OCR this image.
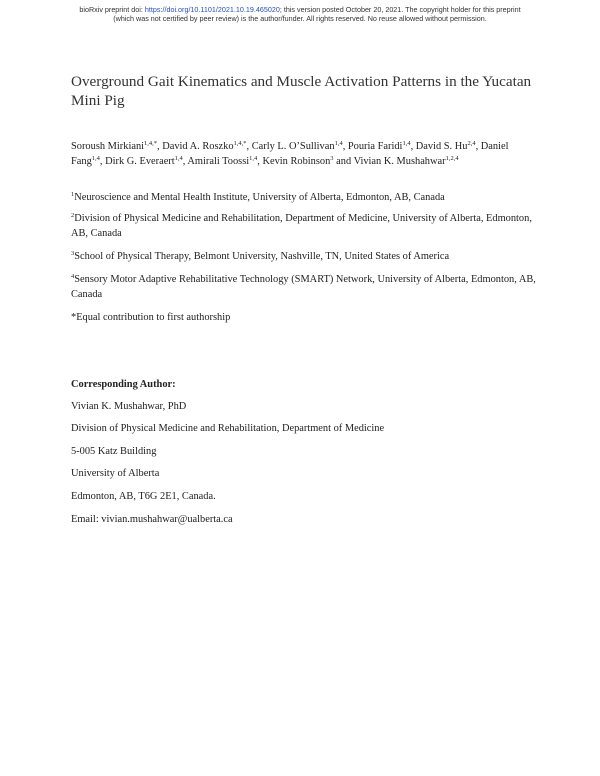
bioRxiv preprint doi: https://doi.org/10.1101/2021.10.19.465020; this version posted October 20, 2021. The copyright holder for this preprint
(which was not certified by peer review) is the author/funder. All rights reserved. No reuse allowed without permission.
Overground Gait Kinematics and Muscle Activation Patterns in the Yucatan Mini Pig
Soroush Mirkiani$^{1,4,*}$, David A. Roszko$^{1,4,*}$, Carly L. O’Sullivan$^{1,4}$, Pouria Faridi$^{1,4}$, David S. Hu$^{2,4}$, Daniel Fang$^{1,4}$, Dirk G. Everaert$^{1,4}$, Amirali Toossi$^{1,4}$, Kevin Robinson$^3$ and Vivian K. Mushahwar$^{1,2,4}$
$^1$Neuroscience and Mental Health Institute, University of Alberta, Edmonton, AB, Canada
$^2$Division of Physical Medicine and Rehabilitation, Department of Medicine, University of Alberta, Edmonton, AB, Canada
$^3$School of Physical Therapy, Belmont University, Nashville, TN, United States of America
$^4$Sensory Motor Adaptive Rehabilitative Technology (SMART) Network, University of Alberta, Edmonton, AB, Canada
*Equal contribution to first authorship
Corresponding Author:
Vivian K. Mushahwar, PhD
Division of Physical Medicine and Rehabilitation, Department of Medicine
5-005 Katz Building
University of Alberta
Edmonton, AB, T6G 2E1, Canada.
Email: vivian.mushahwar@ualberta.ca
